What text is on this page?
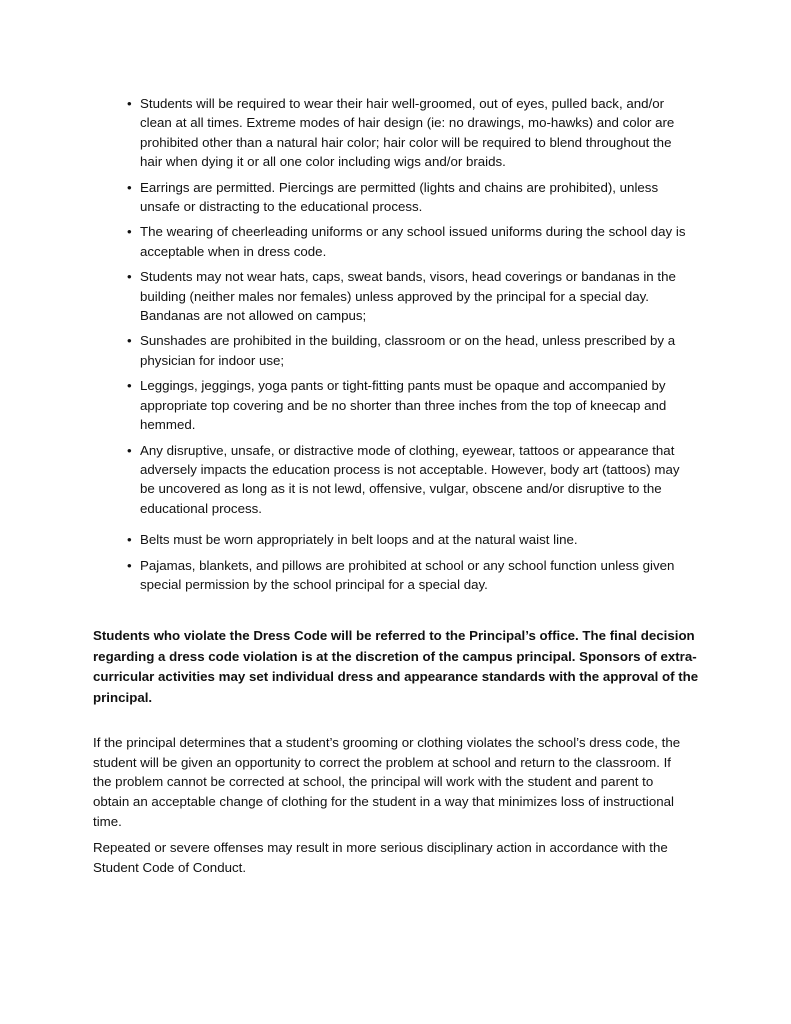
• Students will be required to wear their hair well-groomed, out of eyes, pulled back, and/or clean at all times. Extreme modes of hair design (ie: no drawings, mo-hawks) and color are prohibited other than a natural hair color; hair color will be required to blend throughout the hair when dying it or all one color including wigs and/or braids.
• Earrings are permitted. Piercings are permitted (lights and chains are prohibited), unless unsafe or distracting to the educational process.
• The wearing of cheerleading uniforms or any school issued uniforms during the school day is acceptable when in dress code.
• Students may not wear hats, caps, sweat bands, visors, head coverings or bandanas in the building (neither males nor females) unless approved by the principal for a special day. Bandanas are not allowed on campus;
• Sunshades are prohibited in the building, classroom or on the head, unless prescribed by a physician for indoor use;
• Leggings, jeggings, yoga pants or tight-fitting pants must be opaque and accompanied by appropriate top covering and be no shorter than three inches from the top of kneecap and hemmed.
• Any disruptive, unsafe, or distractive mode of clothing, eyewear, tattoos or appearance that adversely impacts the education process is not acceptable. However, body art (tattoos) may be uncovered as long as it is not lewd, offensive, vulgar, obscene and/or disruptive to the educational process.
• Belts must be worn appropriately in belt loops and at the natural waist line.
• Pajamas, blankets, and pillows are prohibited at school or any school function unless given special permission by the school principal for a special day.

Students who violate the Dress Code will be referred to the Principal’s office. The final decision regarding a dress code violation is at the discretion of the campus principal. Sponsors of extra-curricular activities may set individual dress and appearance standards with the approval of the principal.

If the principal determines that a student’s grooming or clothing violates the school’s dress code, the student will be given an opportunity to correct the problem at school and return to the classroom. If the problem cannot be corrected at school, the principal will work with the student and parent to obtain an acceptable change of clothing for the student in a way that minimizes loss of instructional time.

Repeated or severe offenses may result in more serious disciplinary action in accordance with the Student Code of Conduct.
